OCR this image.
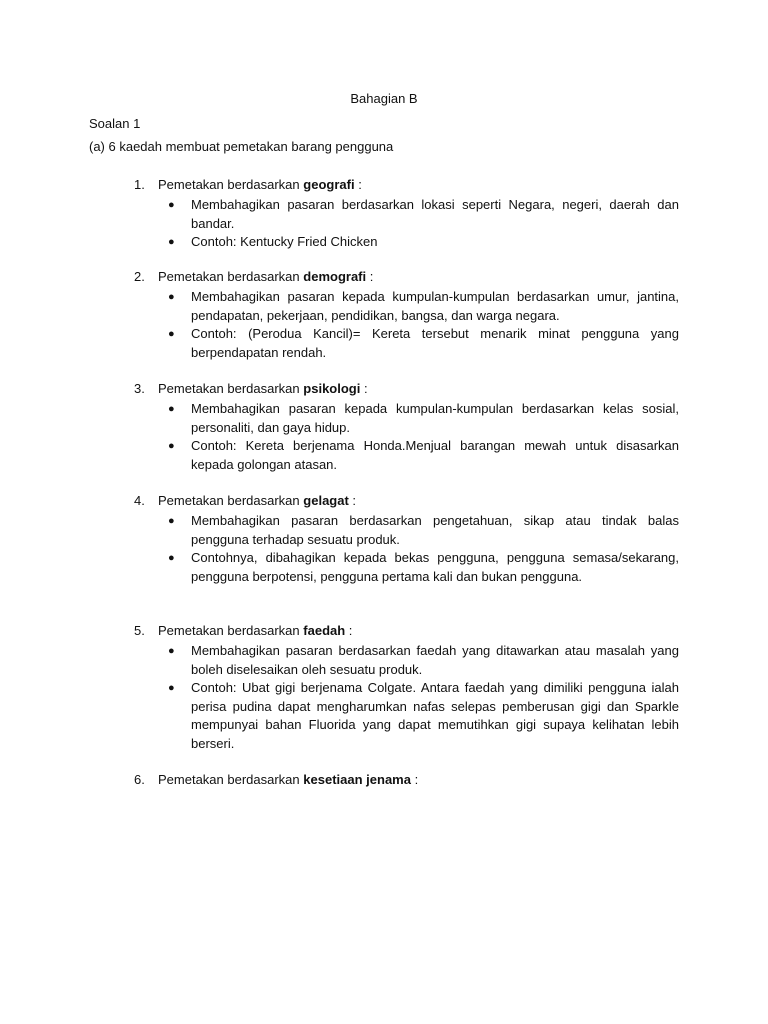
Bahagian B
Soalan 1
(a) 6 kaedah membuat pemetakan barang pengguna
1. Pemetakan berdasarkan geografi :
● Membahagikan pasaran berdasarkan lokasi seperti Negara, negeri, daerah dan bandar.
● Contoh: Kentucky Fried Chicken
2. Pemetakan berdasarkan demografi :
● Membahagikan pasaran kepada kumpulan-kumpulan berdasarkan umur, jantina, pendapatan, pekerjaan, pendidikan, bangsa, dan warga negara.
● Contoh: (Perodua Kancil)= Kereta tersebut menarik minat pengguna yang berpendapatan rendah.
3. Pemetakan berdasarkan psikologi :
● Membahagikan pasaran kepada kumpulan-kumpulan berdasarkan kelas sosial, personaliti, dan gaya hidup.
● Contoh: Kereta berjenama Honda.Menjual barangan mewah untuk disasarkan kepada golongan atasan.
4. Pemetakan berdasarkan gelagat :
● Membahagikan pasaran berdasarkan pengetahuan, sikap atau tindak balas pengguna terhadap sesuatu produk.
● Contohnya, dibahagikan kepada bekas pengguna, pengguna semasa/sekarang, pengguna berpotensi, pengguna pertama kali dan bukan pengguna.
5. Pemetakan berdasarkan faedah :
● Membahagikan pasaran berdasarkan faedah yang ditawarkan atau masalah yang boleh diselesaikan oleh sesuatu produk.
● Contoh: Ubat gigi berjenama Colgate. Antara faedah yang dimiliki pengguna ialah perisa pudina dapat mengharumkan nafas selepas pemberusan gigi dan Sparkle mempunyai bahan Fluorida yang dapat memutihkan gigi supaya kelihatan lebih berseri.
6. Pemetakan berdasarkan kesetiaan jenama :
